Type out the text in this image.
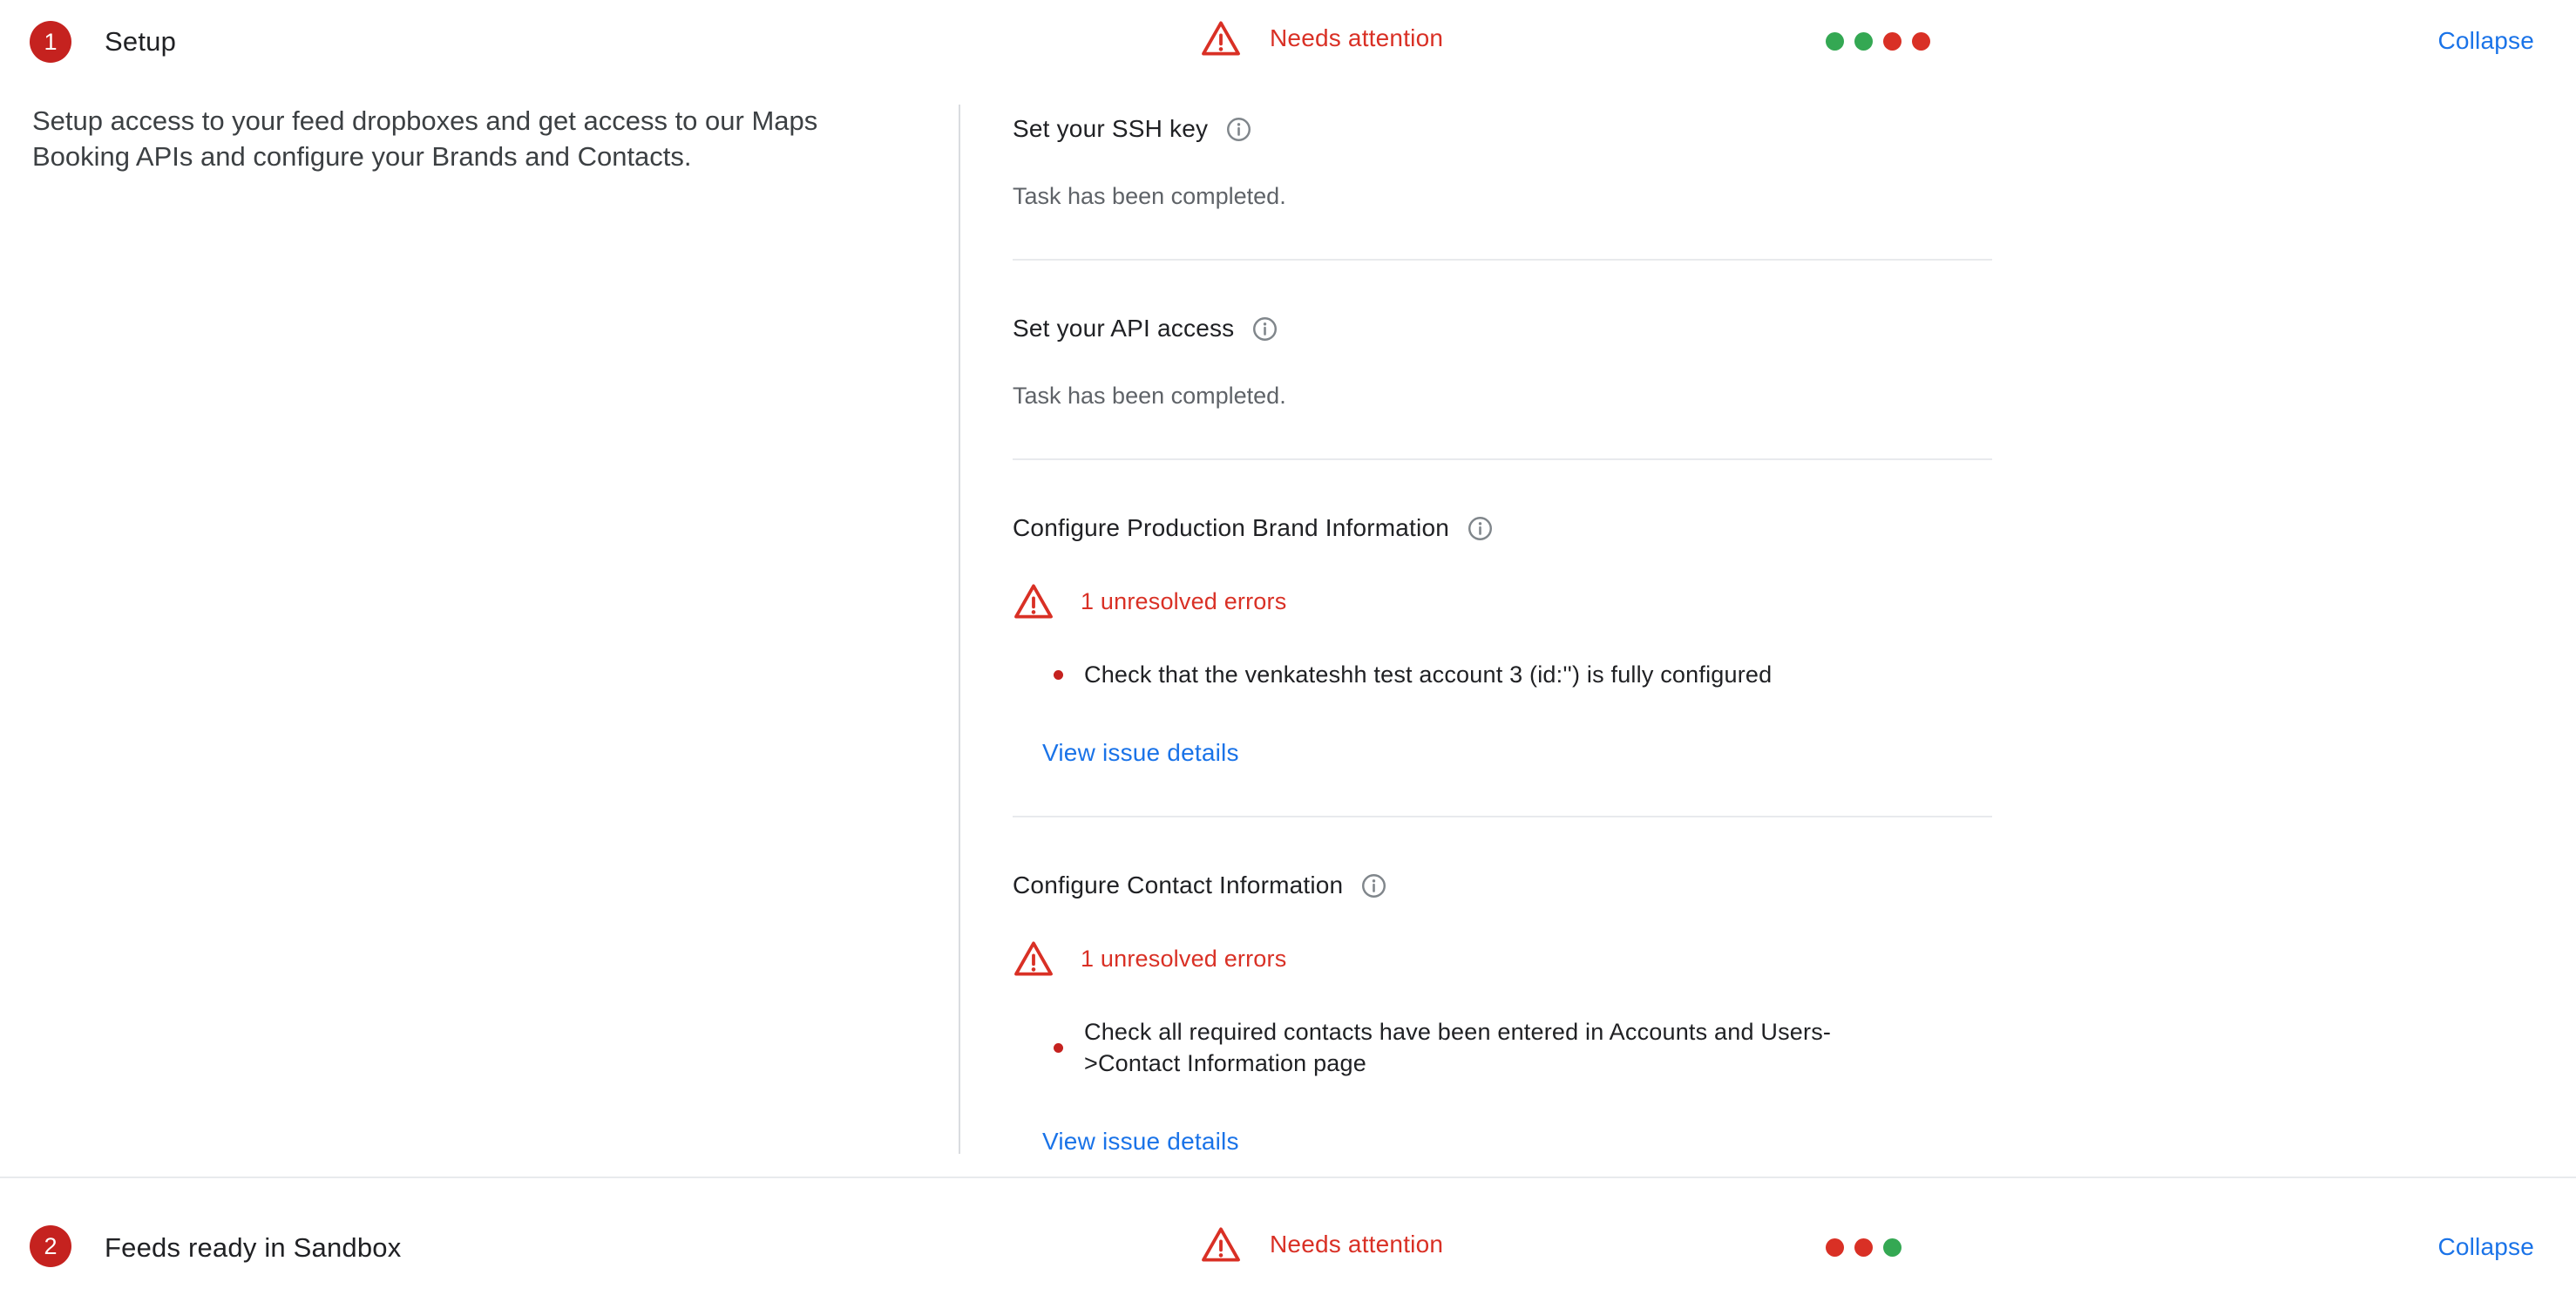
1	Setup	Needs attention	Collapse

Setup access to your feed dropboxes and get access to our Maps Booking APIs and configure your Brands and Contacts.

Set your SSH key
Task has been completed.
Set your API access
Task has been completed.
Configure Production Brand Information
1 unresolved errors
Check that the venkateshh test account 3 (id:'') is fully configured
View issue details
Configure Contact Information
1 unresolved errors
Check all required contacts have been entered in Accounts and Users->Contact Information page
View issue details
2	Feeds ready in Sandbox	Needs attention	Collapse
